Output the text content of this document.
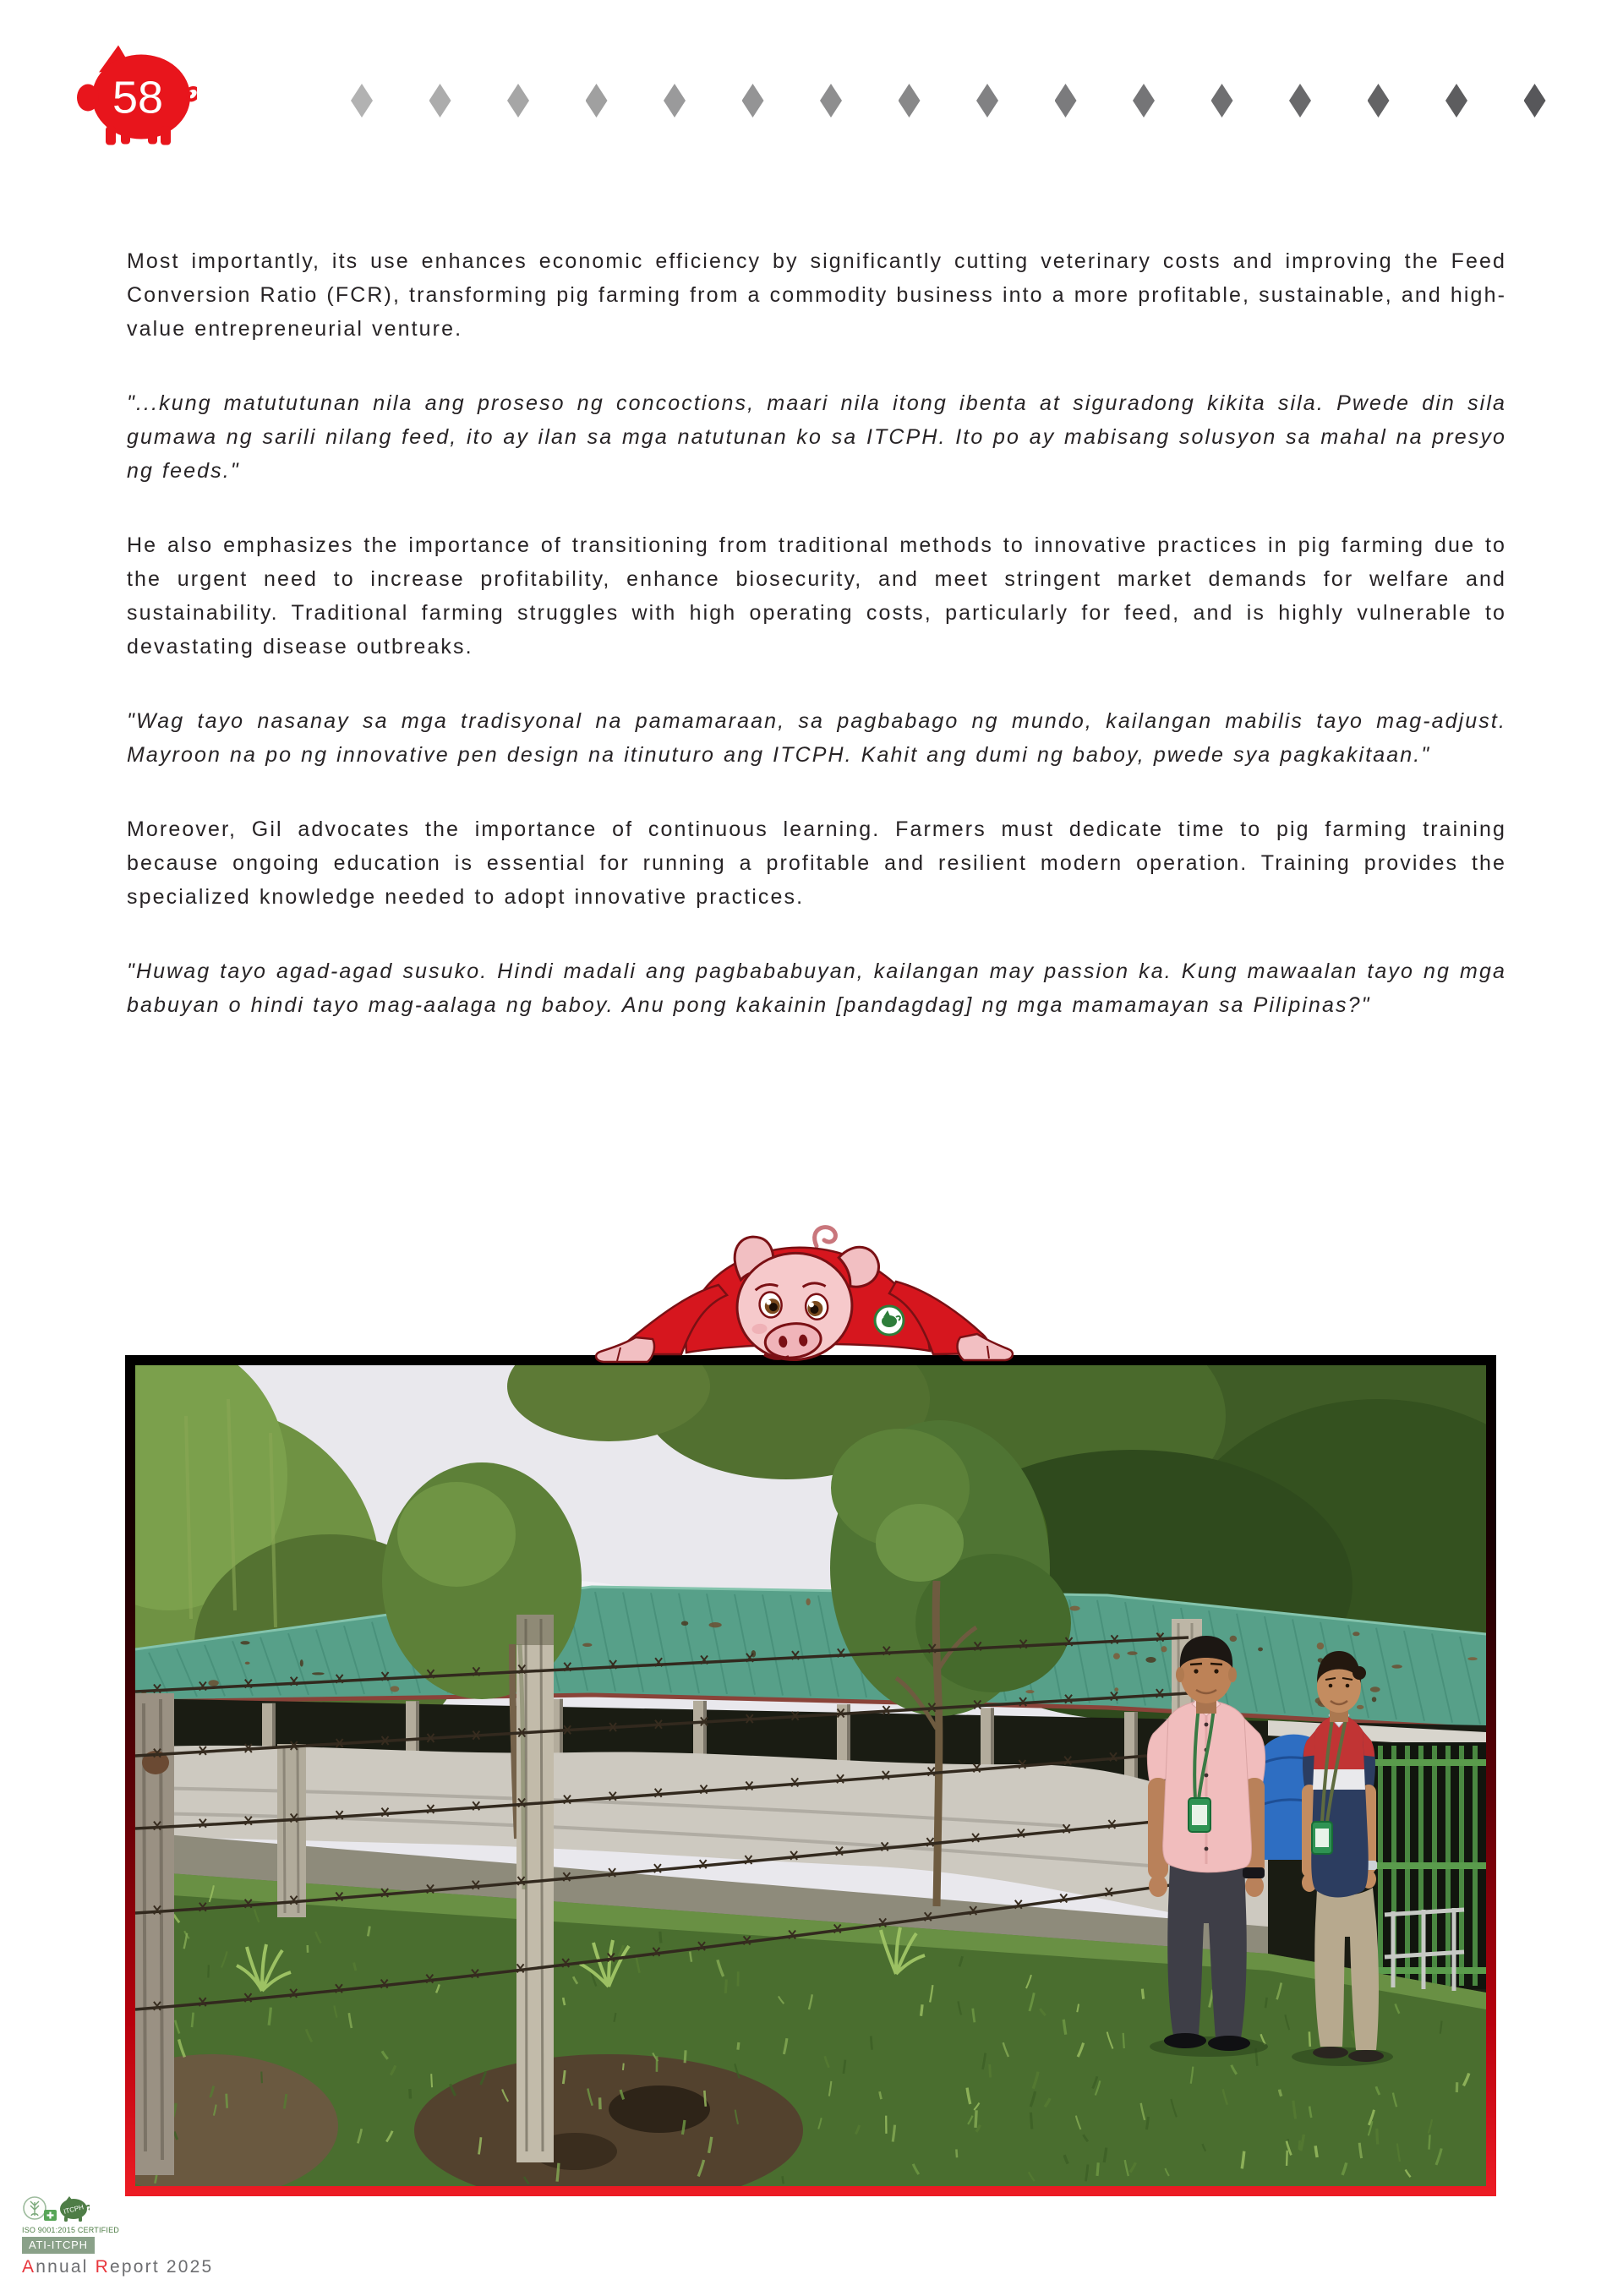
58

Most importantly, its use enhances economic efficiency by significantly cutting veterinary costs and improving the Feed Conversion Ratio (FCR), transforming pig farming from a commodity business into a more profitable, sustainable, and high-value entrepreneurial venture.

"...kung matututunan nila ang proseso ng concoctions, maari nila itong ibenta at siguradong kikita sila. Pwede din sila gumawa ng sarili nilang feed, ito ay ilan sa mga natutunan ko sa ITCPH. Ito po ay mabisang solusyon sa mahal na presyo ng feeds."

He also emphasizes the importance of transitioning from traditional methods to innovative practices in pig farming due to the urgent need to increase profitability, enhance biosecurity, and meet stringent market demands for welfare and sustainability. Traditional farming struggles with high operating costs, particularly for feed, and is highly vulnerable to devastating disease outbreaks.

"Wag tayo nasanay sa mga tradisyonal na pamamaraan, sa pagbabago ng mundo, kailangan mabilis tayo mag-adjust. Mayroon na po ng innovative pen design na itinuturo ang ITCPH. Kahit ang dumi ng baboy, pwede sya pagkakitaan."

Moreover, Gil advocates the importance of continuous learning. Farmers must dedicate time to pig farming training because ongoing education is essential for running a profitable and resilient modern operation. Training provides the specialized knowledge needed to adopt innovative practices.

"Huwag tayo agad-agad susuko. Hindi madali ang pagbababuyan, kailangan may passion ka. Kung mawaalan tayo ng mga babuyan o hindi tayo mag-aalaga ng baboy. Anu pong kakainin [pandagdag] ng mga mamamayan sa Pilipinas?"

ITCPH
ISO 9001:2015 CERTIFIED
ATI-ITCPH
Annual Report 2025
